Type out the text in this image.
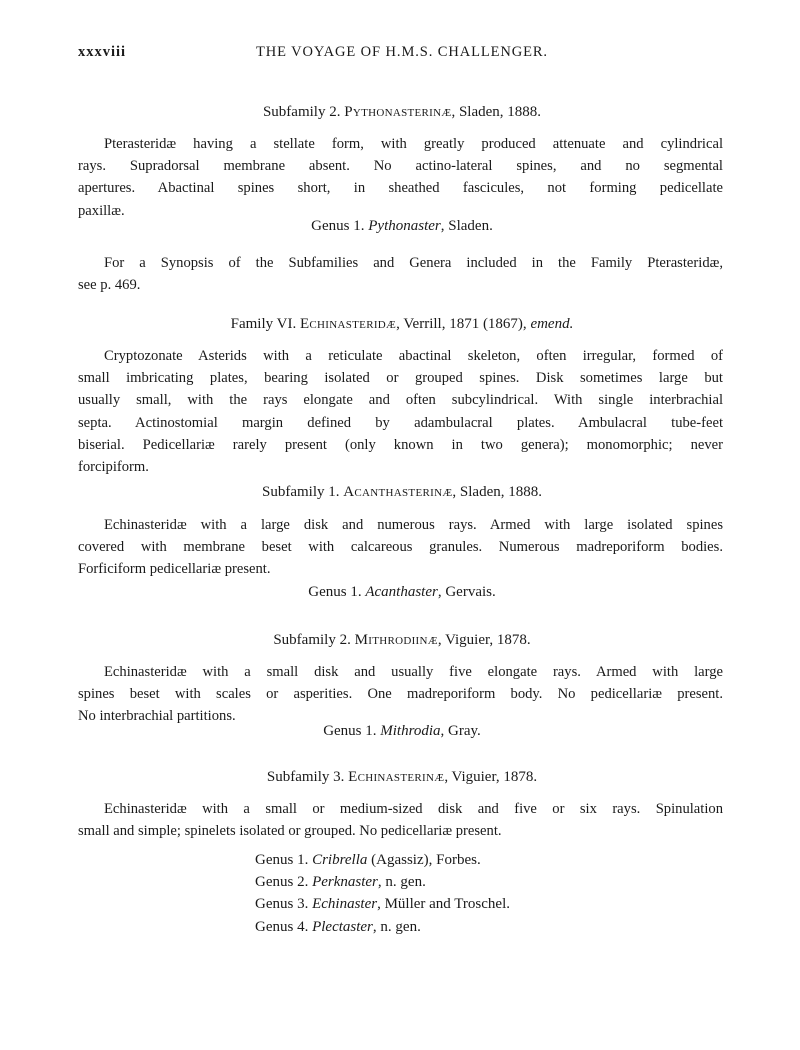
xxxviii	THE VOYAGE OF H.M.S. CHALLENGER.
Subfamily 2. Pythonasterinæ, Sladen, 1888.
Pterasteridæ having a stellate form, with greatly produced attenuate and cylindrical
rays. Supradorsal membrane absent. No actino-lateral spines, and no segmental
apertures. Abactinal spines short, in sheathed fascicules, not forming pedicellate
paxillæ.
Genus 1. Pythonaster, Sladen.
For a Synopsis of the Subfamilies and Genera included in the Family Pterasteridæ,
see p. 469.
Family VI. Echinasteridæ, Verrill, 1871 (1867), emend.
Cryptozonate Asterids with a reticulate abactinal skeleton, often irregular, formed of
small imbricating plates, bearing isolated or grouped spines. Disk sometimes large but
usually small, with the rays elongate and often subcylindrical. With single interbrachial
septa. Actinostomial margin defined by adambulacral plates. Ambulacral tube-feet
biserial. Pedicellariæ rarely present (only known in two genera); monomorphic; never
forcipiform.
Subfamily 1. Acanthasterinæ, Sladen, 1888.
Echinasteridæ with a large disk and numerous rays. Armed with large isolated spines
covered with membrane beset with calcareous granules. Numerous madreporiform bodies.
Forficiform pedicellariæ present.
Genus 1. Acanthaster, Gervais.
Subfamily 2. Mithrodiinæ, Viguier, 1878.
Echinasteridæ with a small disk and usually five elongate rays. Armed with large
spines beset with scales or asperities. One madreporiform body. No pedicellariæ present.
No interbrachial partitions.
Genus 1. Mithrodia, Gray.
Subfamily 3. Echinasterinæ, Viguier, 1878.
Echinasteridæ with a small or medium-sized disk and five or six rays. Spinulation
small and simple; spinelets isolated or grouped. No pedicellariæ present.
Genus 1. Cribrella (Agassiz), Forbes.
Genus 2. Perknaster, n. gen.
Genus 3. Echinaster, Müller and Troschel.
Genus 4. Plectaster, n. gen.
